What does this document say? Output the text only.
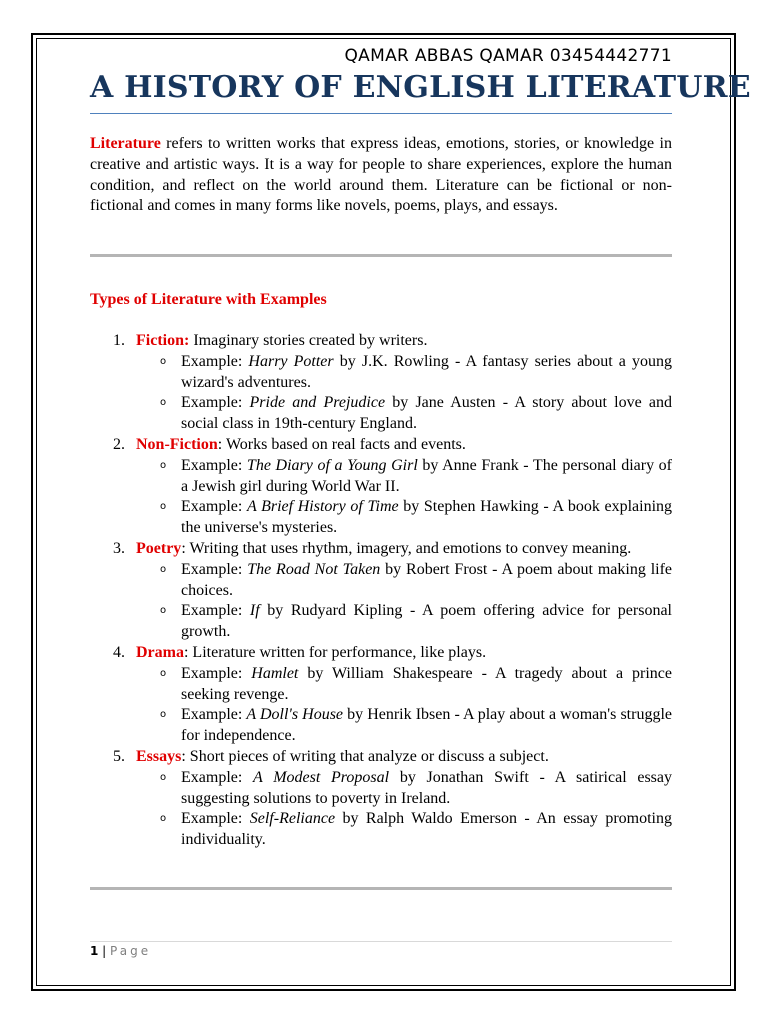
QAMAR ABBAS QAMAR 03454442771
A HISTORY OF ENGLISH LITERATURE

Literature refers to written works that express ideas, emotions, stories, or knowledge in creative and artistic ways. It is a way for people to share experiences, explore the human condition, and reflect on the world around them. Literature can be fictional or non-fictional and comes in many forms like novels, poems, plays, and essays.

Types of Literature with Examples
1. Fiction: Imaginary stories created by writers.
o Example: Harry Potter by J.K. Rowling - A fantasy series about a young wizard's adventures.
o Example: Pride and Prejudice by Jane Austen - A story about love and social class in 19th-century England.
2. Non-Fiction: Works based on real facts and events.
o Example: The Diary of a Young Girl by Anne Frank - The personal diary of a Jewish girl during World War II.
o Example: A Brief History of Time by Stephen Hawking - A book explaining the universe's mysteries.
3. Poetry: Writing that uses rhythm, imagery, and emotions to convey meaning.
o Example: The Road Not Taken by Robert Frost - A poem about making life choices.
o Example: If by Rudyard Kipling - A poem offering advice for personal growth.
4. Drama: Literature written for performance, like plays.
o Example: Hamlet by William Shakespeare - A tragedy about a prince seeking revenge.
o Example: A Doll's House by Henrik Ibsen - A play about a woman's struggle for independence.
5. Essays: Short pieces of writing that analyze or discuss a subject.
o Example: A Modest Proposal by Jonathan Swift - A satirical essay suggesting solutions to poverty in Ireland.
o Example: Self-Reliance by Ralph Waldo Emerson - An essay promoting individuality.
1 | Page
